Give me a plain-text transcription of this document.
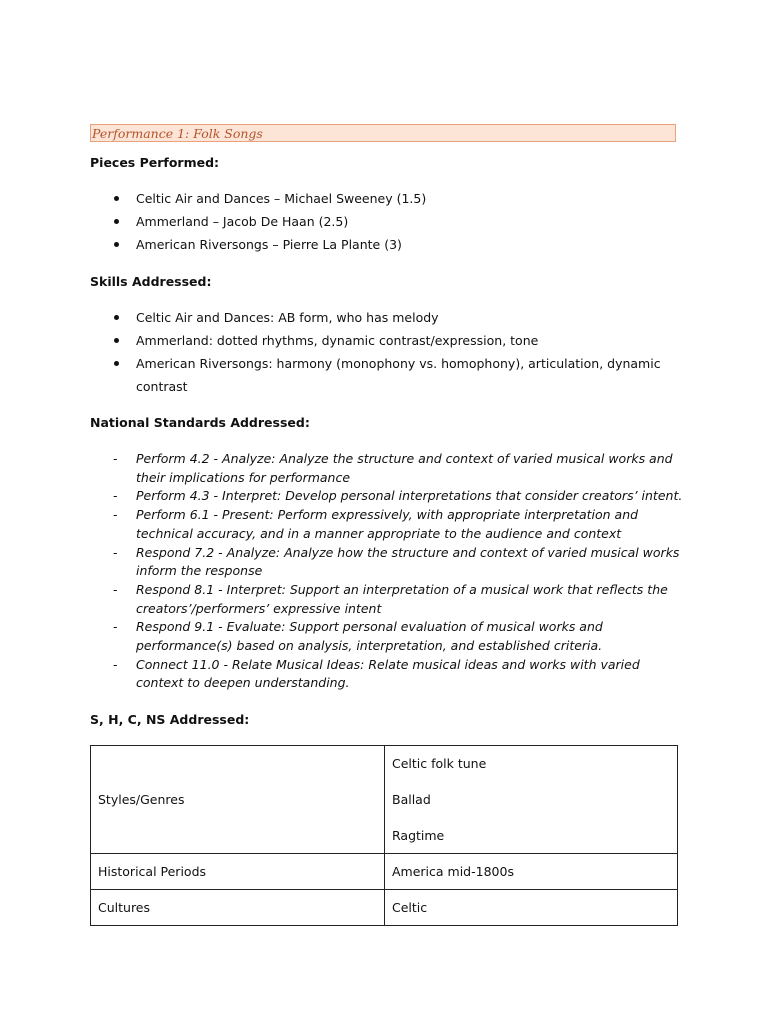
Performance 1: Folk Songs
Pieces Performed:
Celtic Air and Dances – Michael Sweeney (1.5)
Ammerland – Jacob De Haan (2.5)
American Riversongs – Pierre La Plante (3)
Skills Addressed:
Celtic Air and Dances: AB form, who has melody
Ammerland: dotted rhythms, dynamic contrast/expression, tone
American Riversongs: harmony (monophony vs. homophony), articulation, dynamic contrast
National Standards Addressed:
- Perform 4.2 - Analyze: Analyze the structure and context of varied musical works and their implications for performance
- Perform 4.3 - Interpret: Develop personal interpretations that consider creators’ intent.
- Perform 6.1 - Present: Perform expressively, with appropriate interpretation and technical accuracy, and in a manner appropriate to the audience and context
- Respond 7.2 - Analyze: Analyze how the structure and context of varied musical works inform the response
- Respond 8.1 - Interpret: Support an interpretation of a musical work that reflects the creators’/performers’ expressive intent
- Respond 9.1 - Evaluate: Support personal evaluation of musical works and performance(s) based on analysis, interpretation, and established criteria.
- Connect 11.0 - Relate Musical Ideas: Relate musical ideas and works with varied context to deepen understanding.
S, H, C, NS Addressed:
Styles/Genres	Celtic folk tune
Ballad
Ragtime

Historical Periods	America mid-1800s
Cultures	Celtic
